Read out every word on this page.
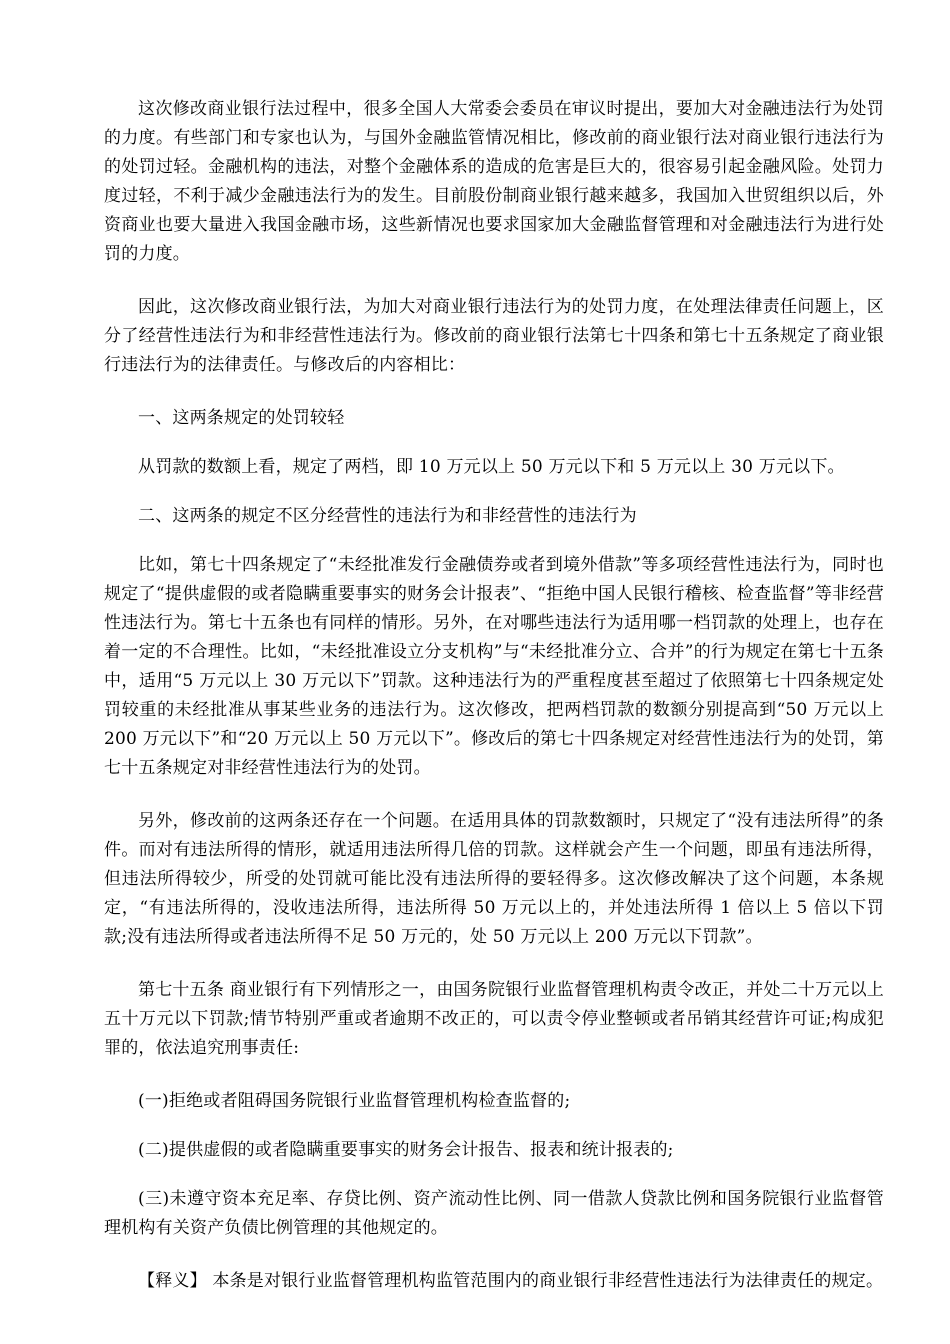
这次修改商业银行法过程中，很多全国人大常委会委员在审议时提出，要加大对金融违法行为处罚的力度。有些部门和专家也认为，与国外金融监管情况相比，修改前的商业银行法对商业银行违法行为的处罚过轻。金融机构的违法，对整个金融体系的造成的危害是巨大的，很容易引起金融风险。处罚力度过轻，不利于减少金融违法行为的发生。目前股份制商业银行越来越多，我国加入世贸组织以后，外资商业也要大量进入我国金融市场，这些新情况也要求国家加大金融监督管理和对金融违法行为进行处罚的力度。

因此，这次修改商业银行法，为加大对商业银行违法行为的处罚力度，在处理法律责任问题上，区分了经营性违法行为和非经营性违法行为。修改前的商业银行法第七十四条和第七十五条规定了商业银行违法行为的法律责任。与修改后的内容相比：

一、这两条规定的处罚较轻

从罚款的数额上看，规定了两档，即 10 万元以上 50 万元以下和 5 万元以上 30 万元以下。

二、这两条的规定不区分经营性的违法行为和非经营性的违法行为

比如，第七十四条规定了“未经批准发行金融债券或者到境外借款”等多项经营性违法行为，同时也规定了“提供虚假的或者隐瞒重要事实的财务会计报表”、“拒绝中国人民银行稽核、检查监督”等非经营性违法行为。第七十五条也有同样的情形。另外，在对哪些违法行为适用哪一档罚款的处理上，也存在着一定的不合理性。比如，“未经批准设立分支机构”与“未经批准分立、合并”的行为规定在第七十五条中，适用“5 万元以上 30 万元以下”罚款。这种违法行为的严重程度甚至超过了依照第七十四条规定处罚较重的未经批准从事某些业务的违法行为。这次修改，把两档罚款的数额分别提高到“50 万元以上 200 万元以下”和“20 万元以上 50 万元以下”。修改后的第七十四条规定对经营性违法行为的处罚，第七十五条规定对非经营性违法行为的处罚。

另外，修改前的这两条还存在一个问题。在适用具体的罚款数额时，只规定了“没有违法所得”的条件。而对有违法所得的情形，就适用违法所得几倍的罚款。这样就会产生一个问题，即虽有违法所得，但违法所得较少，所受的处罚就可能比没有违法所得的要轻得多。这次修改解决了这个问题，本条规定，“有违法所得的，没收违法所得，违法所得 50 万元以上的，并处违法所得 1 倍以上 5 倍以下罚款;没有违法所得或者违法所得不足 50 万元的，处 50 万元以上 200 万元以下罚款”。

第七十五条 商业银行有下列情形之一，由国务院银行业监督管理机构责令改正，并处二十万元以上五十万元以下罚款;情节特别严重或者逾期不改正的，可以责令停业整顿或者吊销其经营许可证;构成犯罪的，依法追究刑事责任:

(一)拒绝或者阻碍国务院银行业监督管理机构检查监督的;

(二)提供虚假的或者隐瞒重要事实的财务会计报告、报表和统计报表的;

(三)未遵守资本充足率、存贷比例、资产流动性比例、同一借款人贷款比例和国务院银行业监督管理机构有关资产负债比例管理的其他规定的。

【释义】 本条是对银行业监督管理机构监管范围内的商业银行非经营性违法行为法律责任的规定。
